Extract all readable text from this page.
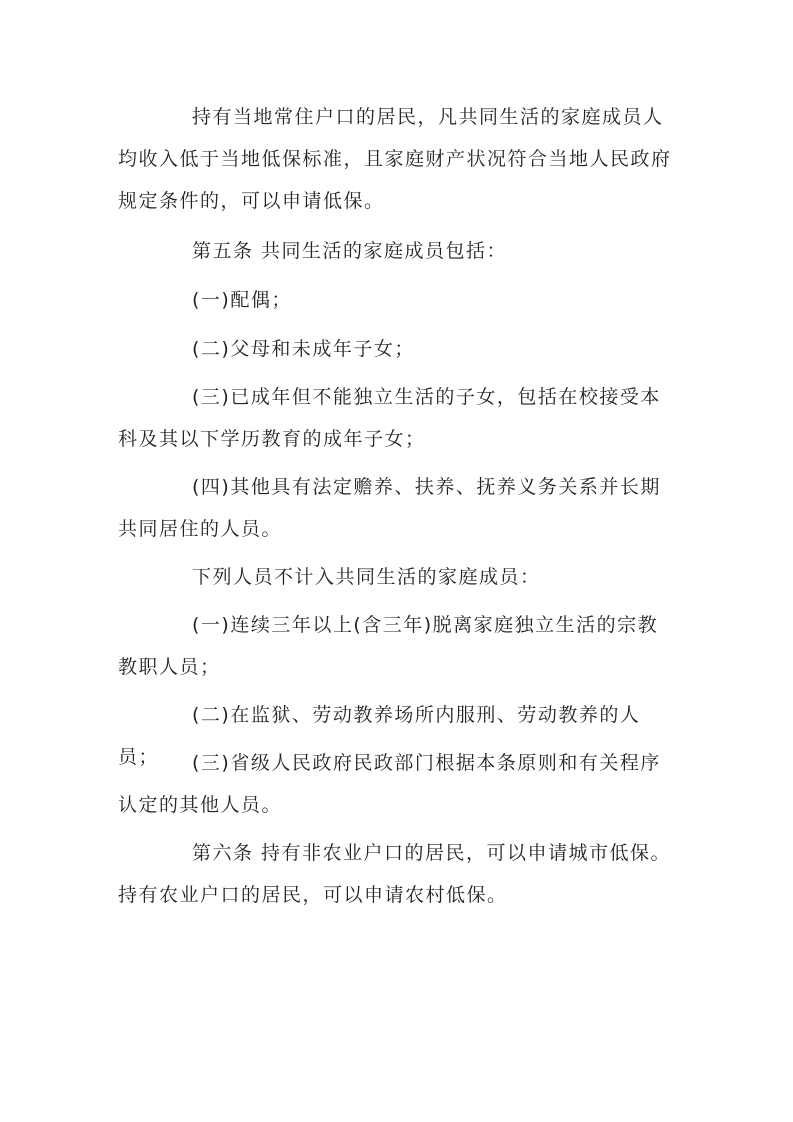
持有当地常住户口的居民，凡共同生活的家庭成员人
均收入低于当地低保标准，且家庭财产状况符合当地人民政府
规定条件的，可以申请低保。

第五条 共同生活的家庭成员包括：

(一)配偶；

(二)父母和未成年子女；

(三)已成年但不能独立生活的子女，包括在校接受本
科及其以下学历教育的成年子女；

(四)其他具有法定赡养、扶养、抚养义务关系并长期
共同居住的人员。

下列人员不计入共同生活的家庭成员：

(一)连续三年以上(含三年)脱离家庭独立生活的宗教
教职人员；

(二)在监狱、劳动教养场所内服刑、劳动教养的人员；	(三)省级人民政府民政部门根据本条原则和有关程序
认定的其他人员。

第六条 持有非农业户口的居民，可以申请城市低保。
持有农业户口的居民，可以申请农村低保。
